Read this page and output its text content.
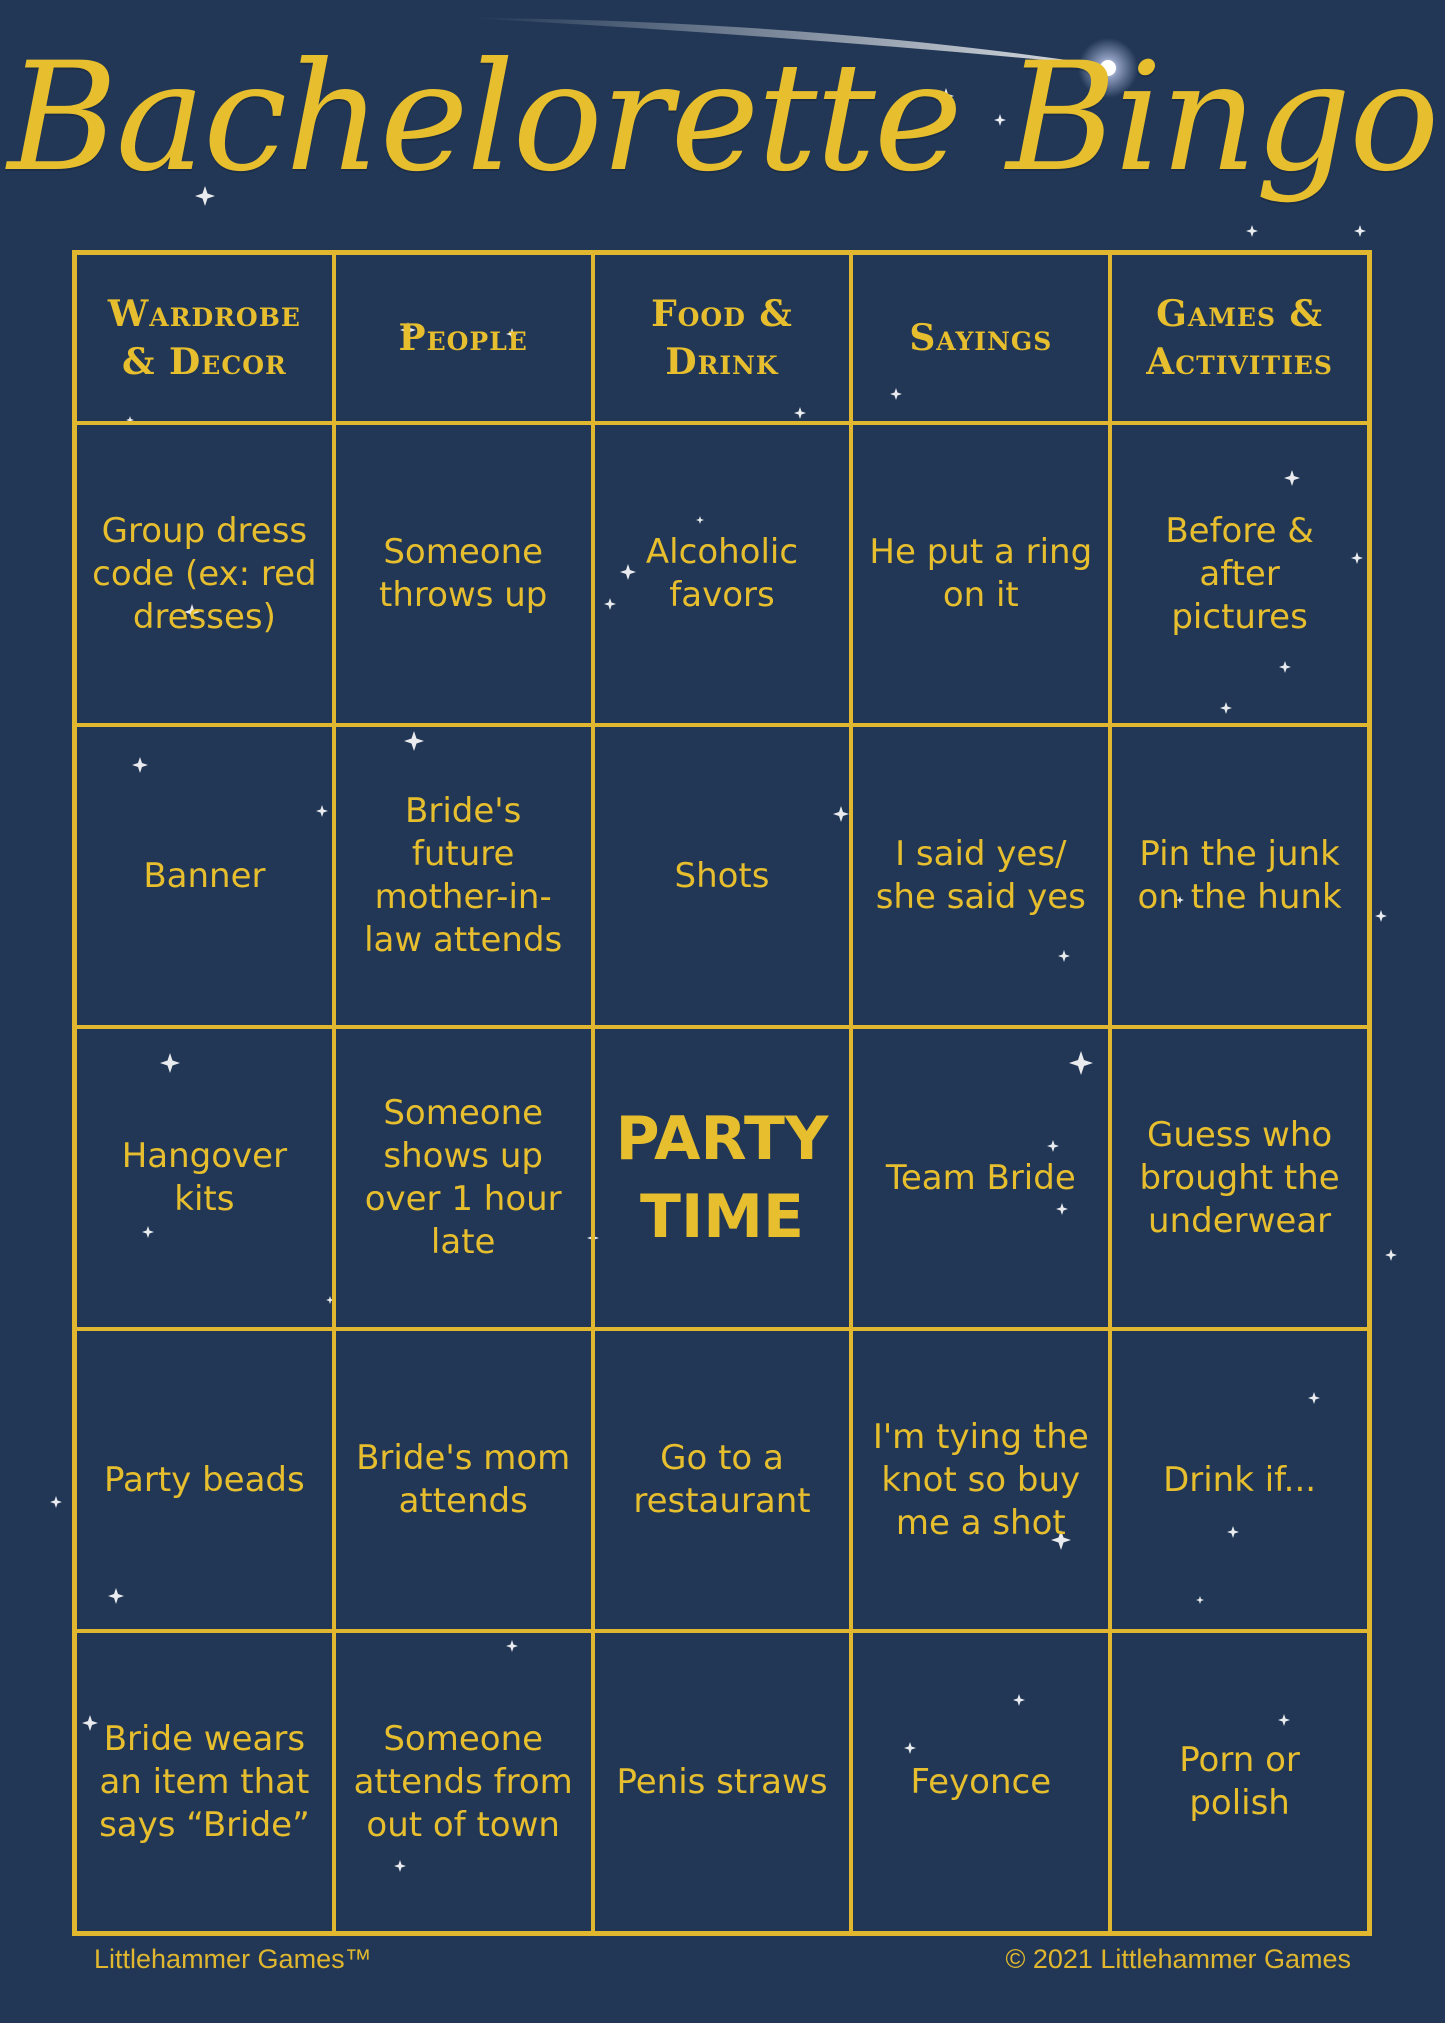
Bachelorette Bingo
Wardrobe & Decor
People
Food & Drink
Sayings
Games & Activities
Group dress code (ex: red dresses)
Someone throws up
Alcoholic favors
He put a ring on it
Before & after pictures
Banner
Bride's future mother-in-law attends
Shots
I said yes/ she said yes
Pin the junk on the hunk
Hangover kits
Someone shows up over 1 hour late
PARTY TIME
Team Bride
Guess who brought the underwear
Party beads
Bride's mom attends
Go to a restaurant
I'm tying the knot so buy me a shot
Drink if...
Bride wears an item that says “Bride”
Someone attends from out of town
Penis straws	Feyonce
Porn or polish
Littlehammer Games™	© 2021 Littlehammer Games
